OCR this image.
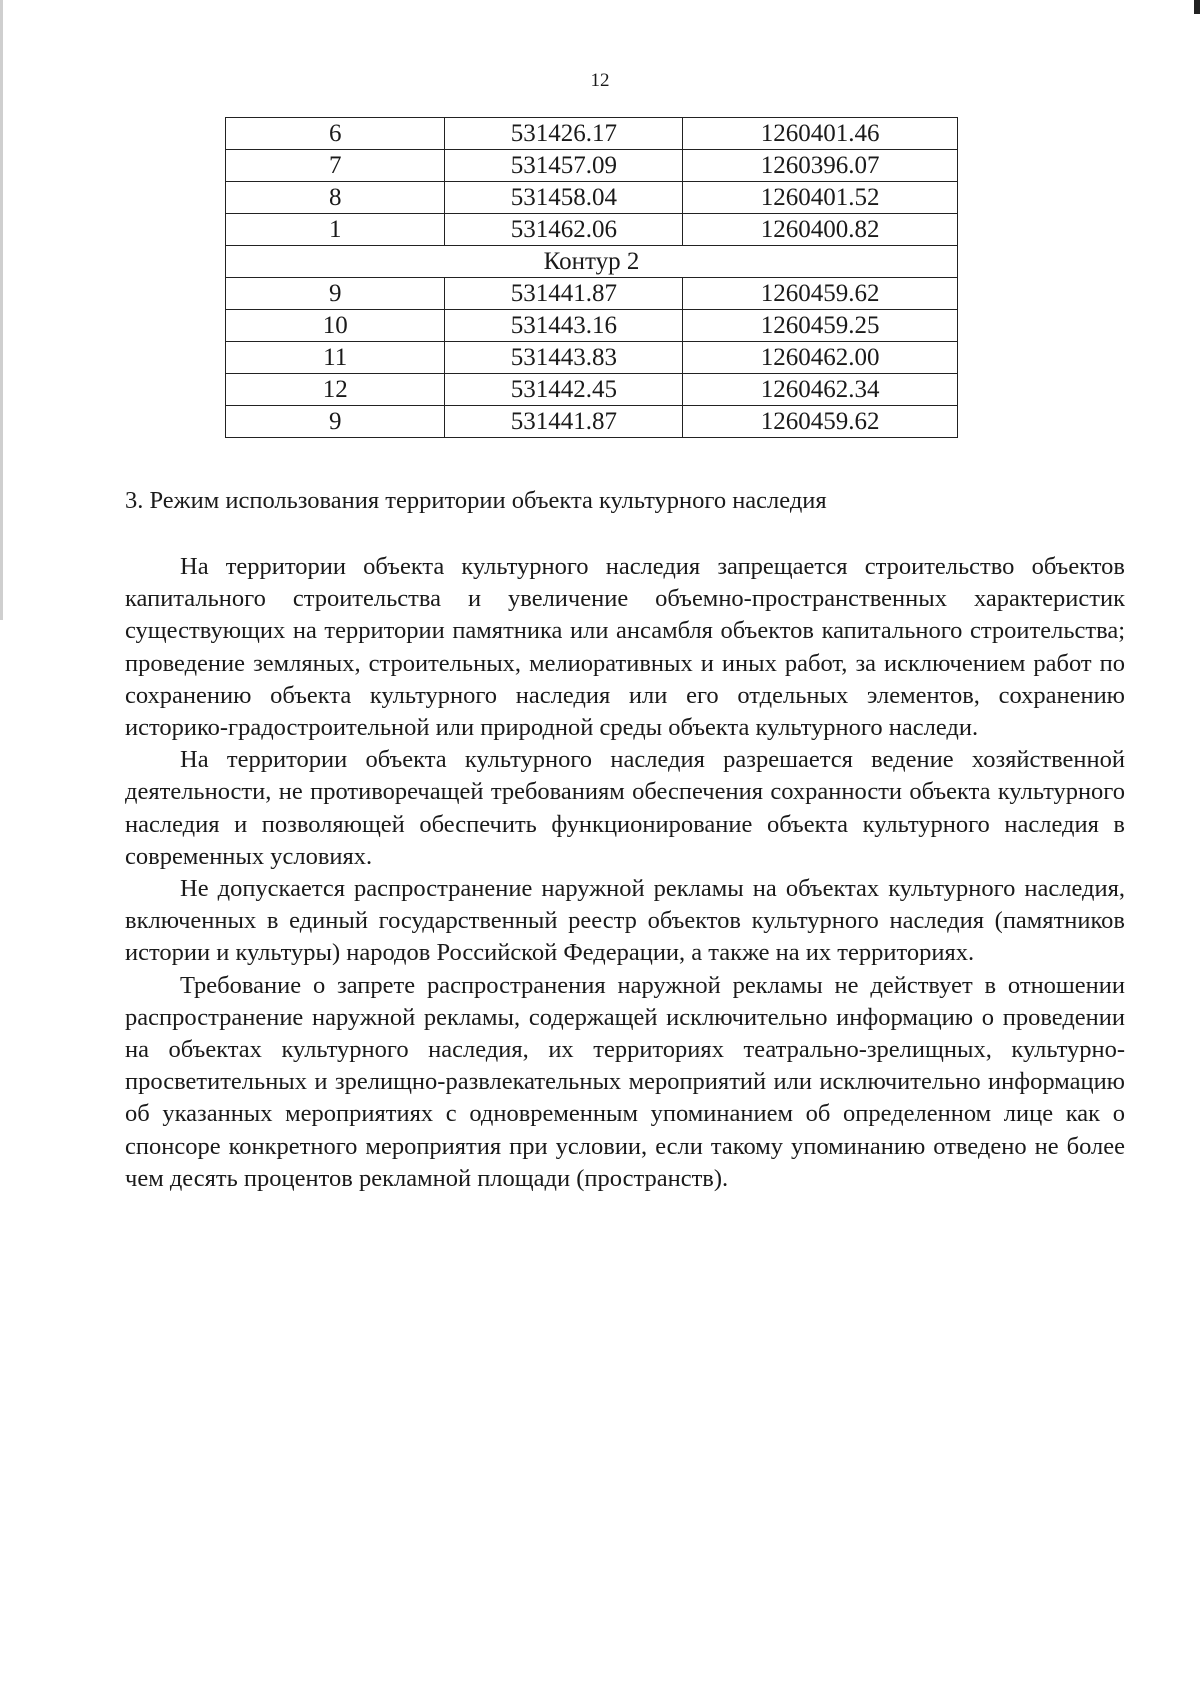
12
6	531426.17	1260401.46
7	531457.09	1260396.07
8	531458.04	1260401.52
1	531462.06	1260400.82
Контур 2		
9	531441.87	1260459.62
10	531443.16	1260459.25
11	531443.83	1260462.00
12	531442.45	1260462.34
9	531441.87	1260459.62
3. Режим использования территории объекта культурного наследия

На территории объекта культурного наследия запрещается строительство объектов капитального строительства и увеличение объемно-пространственных характеристик существующих на территории памятника или ансамбля объектов капитального строительства; проведение земляных, строительных, мелиоративных и иных работ, за исключением работ по сохранению объекта культурного наследия или его отдельных элементов, сохранению историко-градостроительной или природной среды объекта культурного наследи.

На территории объекта культурного наследия разрешается ведение хозяйственной деятельности, не противоречащей требованиям обеспечения сохранности объекта культурного наследия и позволяющей обеспечить функционирование объекта культурного наследия в современных условиях.

Не допускается распространение наружной рекламы на объектах культурного наследия, включенных в единый государственный реестр объектов культурного наследия (памятников истории и культуры) народов Российской Федерации, а также на их территориях.

Требование о запрете распространения наружной рекламы не действует в отношении распространение наружной рекламы, содержащей исключительно информацию о проведении на объектах культурного наследия, их территориях театрально-зрелищных, культурно-просветительных и зрелищно-развлекательных мероприятий или исключительно информацию об указанных мероприятиях с одновременным упоминанием об определенном лице как о спонсоре конкретного мероприятия при условии, если такому упоминанию отведено не более чем десять процентов рекламной площади (пространств).
